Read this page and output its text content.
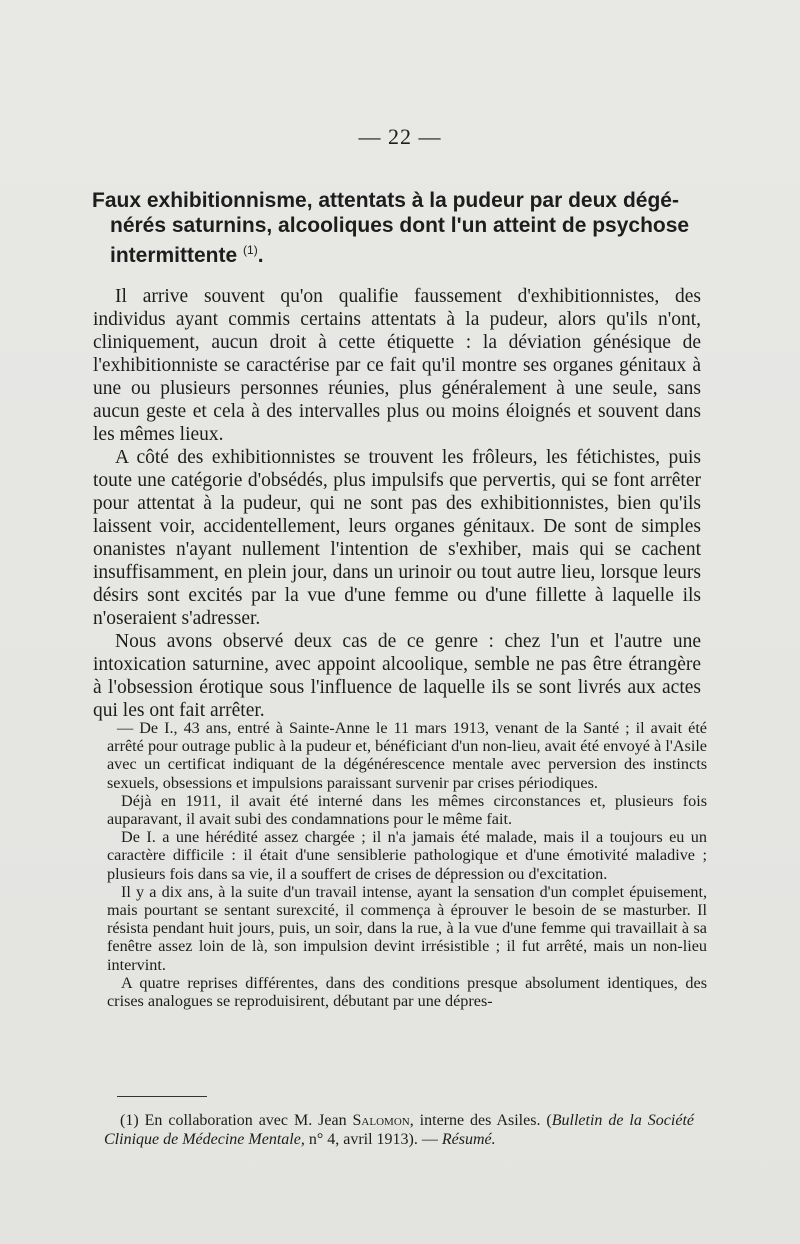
— 22 —
Faux exhibitionnisme, attentats à la pudeur par deux dégé-
nérés saturnins, alcooliques dont l'un atteint de psychose
intermittente $^{(1)}$.

Il arrive souvent qu'on qualifie faussement d'exhibitionnistes, des individus ayant commis certains attentats à la pudeur, alors qu'ils n'ont, cliniquement, aucun droit à cette étiquette : la déviation génésique de l'exhibitionniste se caractérise par ce fait qu'il montre ses organes génitaux à une ou plusieurs personnes réunies, plus généralement à une seule, sans aucun geste et cela à des intervalles plus ou moins éloignés et souvent dans les mêmes lieux.

A côté des exhibitionnistes se trouvent les frôleurs, les fétichistes, puis toute une catégorie d'obsédés, plus impulsifs que pervertis, qui se font arrêter pour attentat à la pudeur, qui ne sont pas des exhibitionnistes, bien qu'ils laissent voir, accidentellement, leurs organes génitaux. De sont de simples onanistes n'ayant nullement l'intention de s'exhiber, mais qui se cachent insuffisamment, en plein jour, dans un urinoir ou tout autre lieu, lorsque leurs désirs sont excités par la vue d'une femme ou d'une fillette à laquelle ils n'oseraient s'adresser.

Nous avons observé deux cas de ce genre : chez l'un et l'autre une intoxication saturnine, avec appoint alcoolique, semble ne pas être étrangère à l'obsession érotique sous l'influence de laquelle ils se sont livrés aux actes qui les ont fait arrêter.

— De I., 43 ans, entré à Sainte-Anne le 11 mars 1913, venant de la Santé ; il avait été arrêté pour outrage public à la pudeur et, bénéficiant d'un non-lieu, avait été envoyé à l'Asile avec un certificat indiquant de la dégénérescence mentale avec perversion des instincts sexuels, obsessions et impulsions paraissant survenir par crises périodiques.

Déjà en 1911, il avait été interné dans les mêmes circonstances et, plusieurs fois auparavant, il avait subi des condamnations pour le même fait.

De I. a une hérédité assez chargée ; il n'a jamais été malade, mais il a toujours eu un caractère difficile : il était d'une sensiblerie pathologique et d'une émotivité maladive ; plusieurs fois dans sa vie, il a souffert de crises de dépression ou d'excitation.

Il y a dix ans, à la suite d'un travail intense, ayant la sensation d'un complet épuisement, mais pourtant se sentant surexcité, il commença à éprouver le besoin de se masturber. Il résista pendant huit jours, puis, un soir, dans la rue, à la vue d'une femme qui travaillait à sa fenêtre assez loin de là, son impulsion devint irrésistible ; il fut arrêté, mais un non-lieu intervint.

A quatre reprises différentes, dans des conditions presque absolument identiques, des crises analogues se reproduisirent, débutant par une dépres-

(1) En collaboration avec M. Jean Salomon, interne des Asiles. (Bulletin de la Société Clinique de Médecine Mentale, n° 4, avril 1913). — Résumé.
